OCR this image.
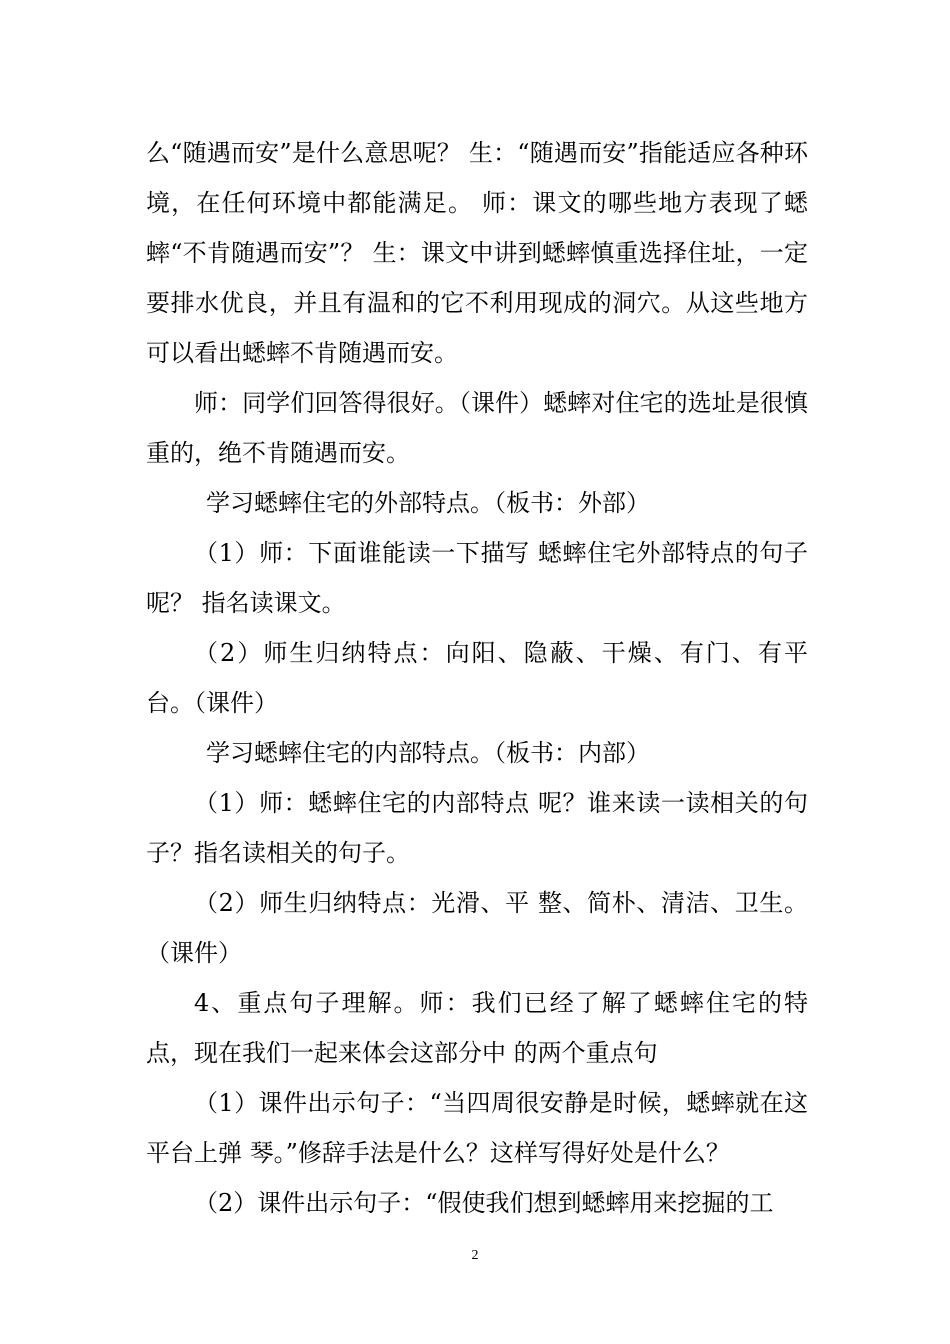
么“随遇而安”是什么意思呢？ 生：“随遇而安”指能适应各种环境，在任何环境中都能满足。 师：课文的哪些地方表现了蟋蟀“不肯随遇而安”？ 生：课文中讲到蟋蟀慎重选择住址，一定要排水优良，并且有温和的它不利用现成的洞穴。从这些地方可以看出蟋蟀不肯随遇而安。

师：同学们回答得很好。（课件）蟋蟀对住宅的选址是很慎重的，绝不肯随遇而安。

学习蟋蟀住宅的外部特点。（板书：外部）

（1）师：下面谁能读一下描写 蟋蟀住宅外部特点的句子呢？ 指名读课文。

（2）师生归纳特点：向阳、隐蔽、干燥、有门、有平台。（课件）

学习蟋蟀住宅的内部特点。（板书：内部）

（1）师：蟋蟀住宅的内部特点 呢？谁来读一读相关的句子？指名读相关的句子。

（2）师生归纳特点：光滑、平 整、简朴、清洁、卫生。（课件）

4、重点句子理解。师：我们已经了解了蟋蟀住宅的特点，现在我们一起来体会这部分中 的两个重点句

（1）课件出示句子：“当四周很安静是时候，蟋蟀就在这平台上弹 琴。”修辞手法是什么？这样写得好处是什么？

（2）课件出示句子：“假使我们想到蟋蟀用来挖掘的工

2
